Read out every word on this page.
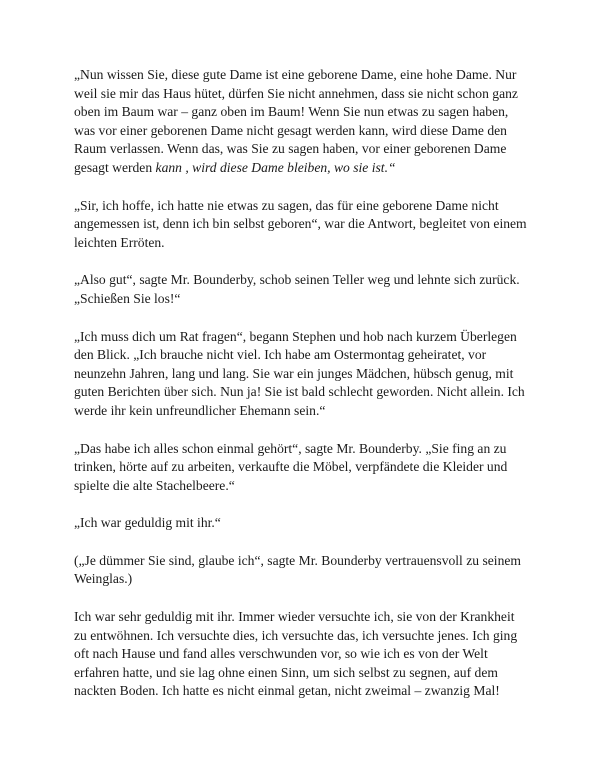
„Nun wissen Sie, diese gute Dame ist eine geborene Dame, eine hohe Dame. Nur weil sie mir das Haus hütet, dürfen Sie nicht annehmen, dass sie nicht schon ganz oben im Baum war – ganz oben im Baum! Wenn Sie nun etwas zu sagen haben, was vor einer geborenen Dame nicht gesagt werden kann, wird diese Dame den Raum verlassen. Wenn das, was Sie zu sagen haben, vor einer geborenen Dame gesagt werden kann , wird diese Dame bleiben, wo sie ist.“

„Sir, ich hoffe, ich hatte nie etwas zu sagen, das für eine geborene Dame nicht angemessen ist, denn ich bin selbst geboren“, war die Antwort, begleitet von einem leichten Erröten.

„Also gut“, sagte Mr. Bounderby, schob seinen Teller weg und lehnte sich zurück. „Schießen Sie los!“

„Ich muss dich um Rat fragen“, begann Stephen und hob nach kurzem Überlegen den Blick. „Ich brauche nicht viel. Ich habe am Ostermontag geheiratet, vor neunzehn Jahren, lang und lang. Sie war ein junges Mädchen, hübsch genug, mit guten Berichten über sich. Nun ja! Sie ist bald schlecht geworden. Nicht allein. Ich werde ihr kein unfreundlicher Ehemann sein.“

„Das habe ich alles schon einmal gehört“, sagte Mr. Bounderby. „Sie fing an zu trinken, hörte auf zu arbeiten, verkaufte die Möbel, verpfändete die Kleider und spielte die alte Stachelbeere.“

„Ich war geduldig mit ihr.“

(„Je dümmer Sie sind, glaube ich“, sagte Mr. Bounderby vertrauensvoll zu seinem Weinglas.)

Ich war sehr geduldig mit ihr. Immer wieder versuchte ich, sie von der Krankheit zu entwöhnen. Ich versuchte dies, ich versuchte das, ich versuchte jenes. Ich ging oft nach Hause und fand alles verschwunden vor, so wie ich es von der Welt erfahren hatte, und sie lag ohne einen Sinn, um sich selbst zu segnen, auf dem nackten Boden. Ich hatte es nicht einmal getan, nicht zweimal – zwanzig Mal!
